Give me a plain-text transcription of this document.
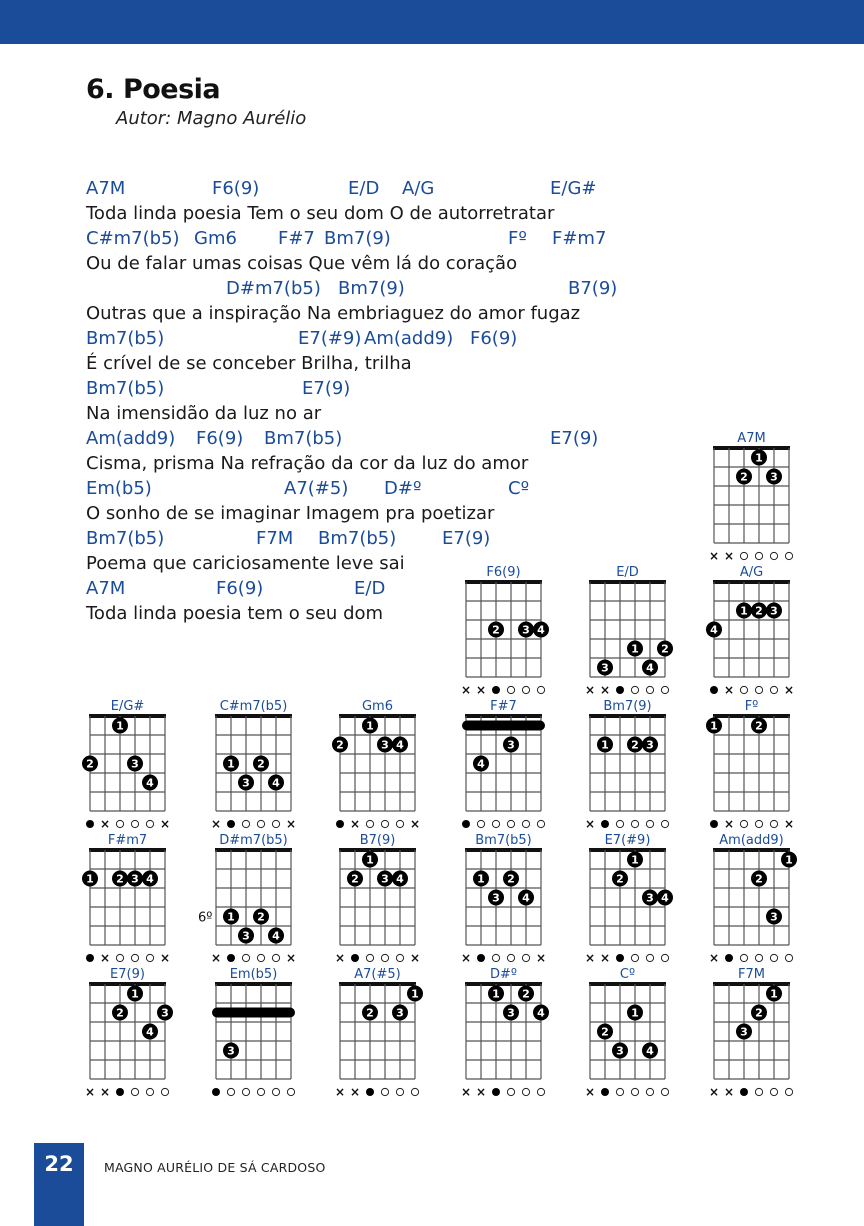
6. Poesia
Autor: Magno Aurélio
A7M	F6(9)	E/D A/G	E/G#
Toda linda poesia Tem o seu dom O de autorretratar
C#m7(b5) Gm6 F#7 Bm7(9)	Fº F#m7
Ou de falar umas coisas Que vêm lá do coração
D#m7(b5) Bm7(9)	B7(9)
Outras que a inspiração Na embriaguez do amor fugaz
Bm7(b5)	E7(#9) Am(add9) F6(9)
É crível de se conceber Brilha, trilha
Bm7(b5)	E7(9)
Na imensidão da luz no ar
Am(add9) F6(9) Bm7(b5)	E7(9)
Cisma, prisma Na refração da cor da luz do amor
Em(b5)	A7(#5) D#º	Cº
O sonho de se imaginar Imagem pra poetizar
Bm7(b5)	F7M Bm7(b5)	E7(9)
Poema que cariciosamente leve sai
A7M	F6(9)	E/D
Toda linda poesia tem o seu dom
A7M
1
2 3
× ×
F6(9)
2 3 4
× ×
E/D
1 2
3	4
× ×
A/G
4
1 2 3
×	×
E/G#
1
2	3
4
×	×
C#m7(b5)
1 2
3 4
×	×
Gm6
1
2	3 4
×	×
F#7
3
4
Bm7(9)
1 2 3
×
Fº
1	2
×	×
F#m7
1 2 3 4
×	×
D#m7(b5)
6º 1 2
3 4
×	×
B7(9)
1
2 3 4
×	×
Bm7(b5)
1 2
3 4
×	×
E7(#9)
1
2
3 4
× ×
Am(add9)
1
2
3
×
E7(9)
1
2	3
4
× ×
Em(b5)
3
A7(#5)
1
2 3
× ×
D#º
1 2
3 4
× ×
Cº
1
2
3 4
×
F7M
1
2
3
× ×
22	MAGNO AURÉLIO DE SÁ CARDOSO
